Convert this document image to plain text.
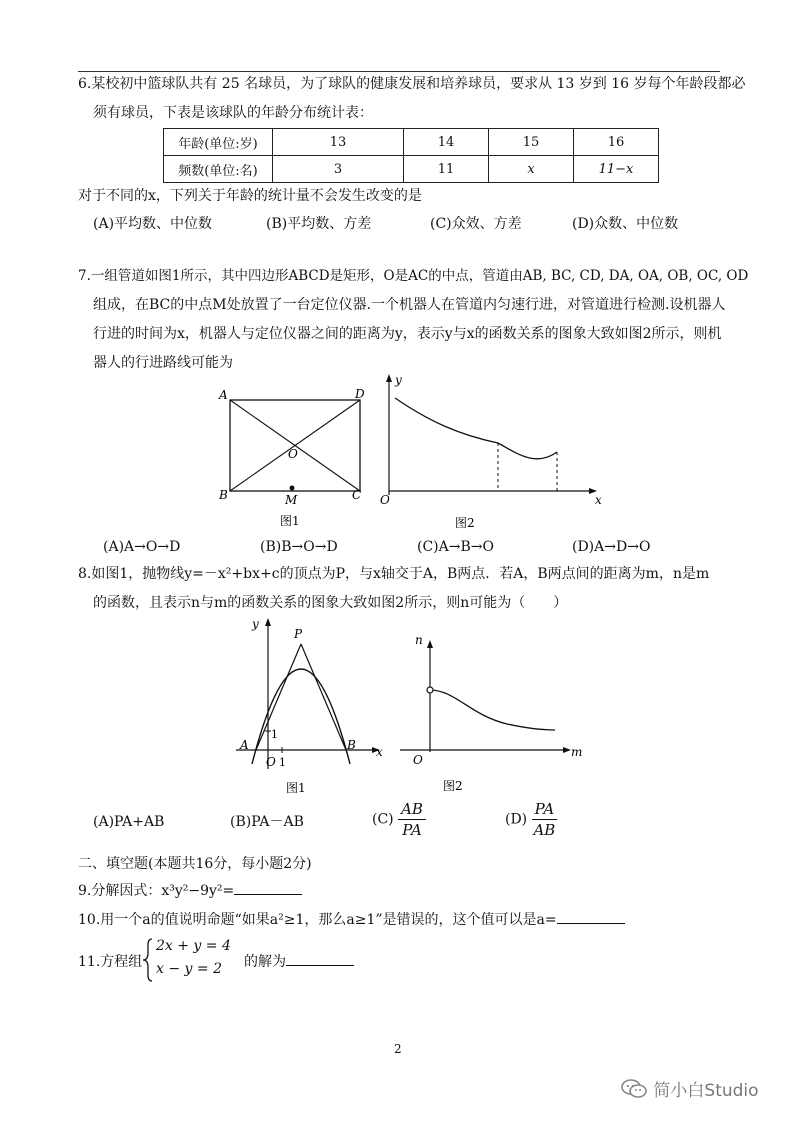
6.某校初中篮球队共有 25 名球员，为了球队的健康发展和培养球员，要求从 13 岁到 16 岁每个年龄段都必
须有球员，下表是该球队的年龄分布统计表：
年龄(单位:岁)	13	14	15	16
频数(单位:名)	3	11	x	11−x
对于不同的x，下列关于年龄的统计量不会发生改变的是
(A)平均数、中位数	(B)平均数、方差	(C)众效、方差	(D)众数、中位数
7.一组管道如图1所示，其中四边形ABCD是矩形，O是AC的中点，管道由AB, BC, CD, DA, OA, OB, OC, OD
组成，在BC的中点M处放置了一台定位仪器.一个机器人在管道内匀速行进，对管道进行检测.设机器人
行进的时间为x，机器人与定位仪器之间的距离为y，表示y与x的函数关系的图象大致如图2所示，则机
器人的行进路线可能为
A	D
B	C
O
M
图1
y
x
O
图2
(A)A→O→D	(B)B→O→D	(C)A→B→O	(D)A→D→O
8.如图1，抛物线y=－x²+bx+c的顶点为P，与x轴交于A，B两点．若A，B两点间的距离为m，n是m
的函数，且表示n与m的函数关系的图象大致如图2所示，则n可能为（　　）
y
P
A	B x
1
O 1
图1
n
m
O
图2
(A)PA+AB	(B)PA－AB	$(C) \frac{AB}{PA}$	$(D) \frac{PA}{AB}$
二、填空题(本题共16分，每小题2分)
9.分解因式：x³y²−9y²=
10.用一个a的值说明命题“如果a²≥1，那么a≥1”是错误的，这个值可以是a=
11.方程组
2x + y = 4
x − y = 2 的解为
2
简小白Studio
